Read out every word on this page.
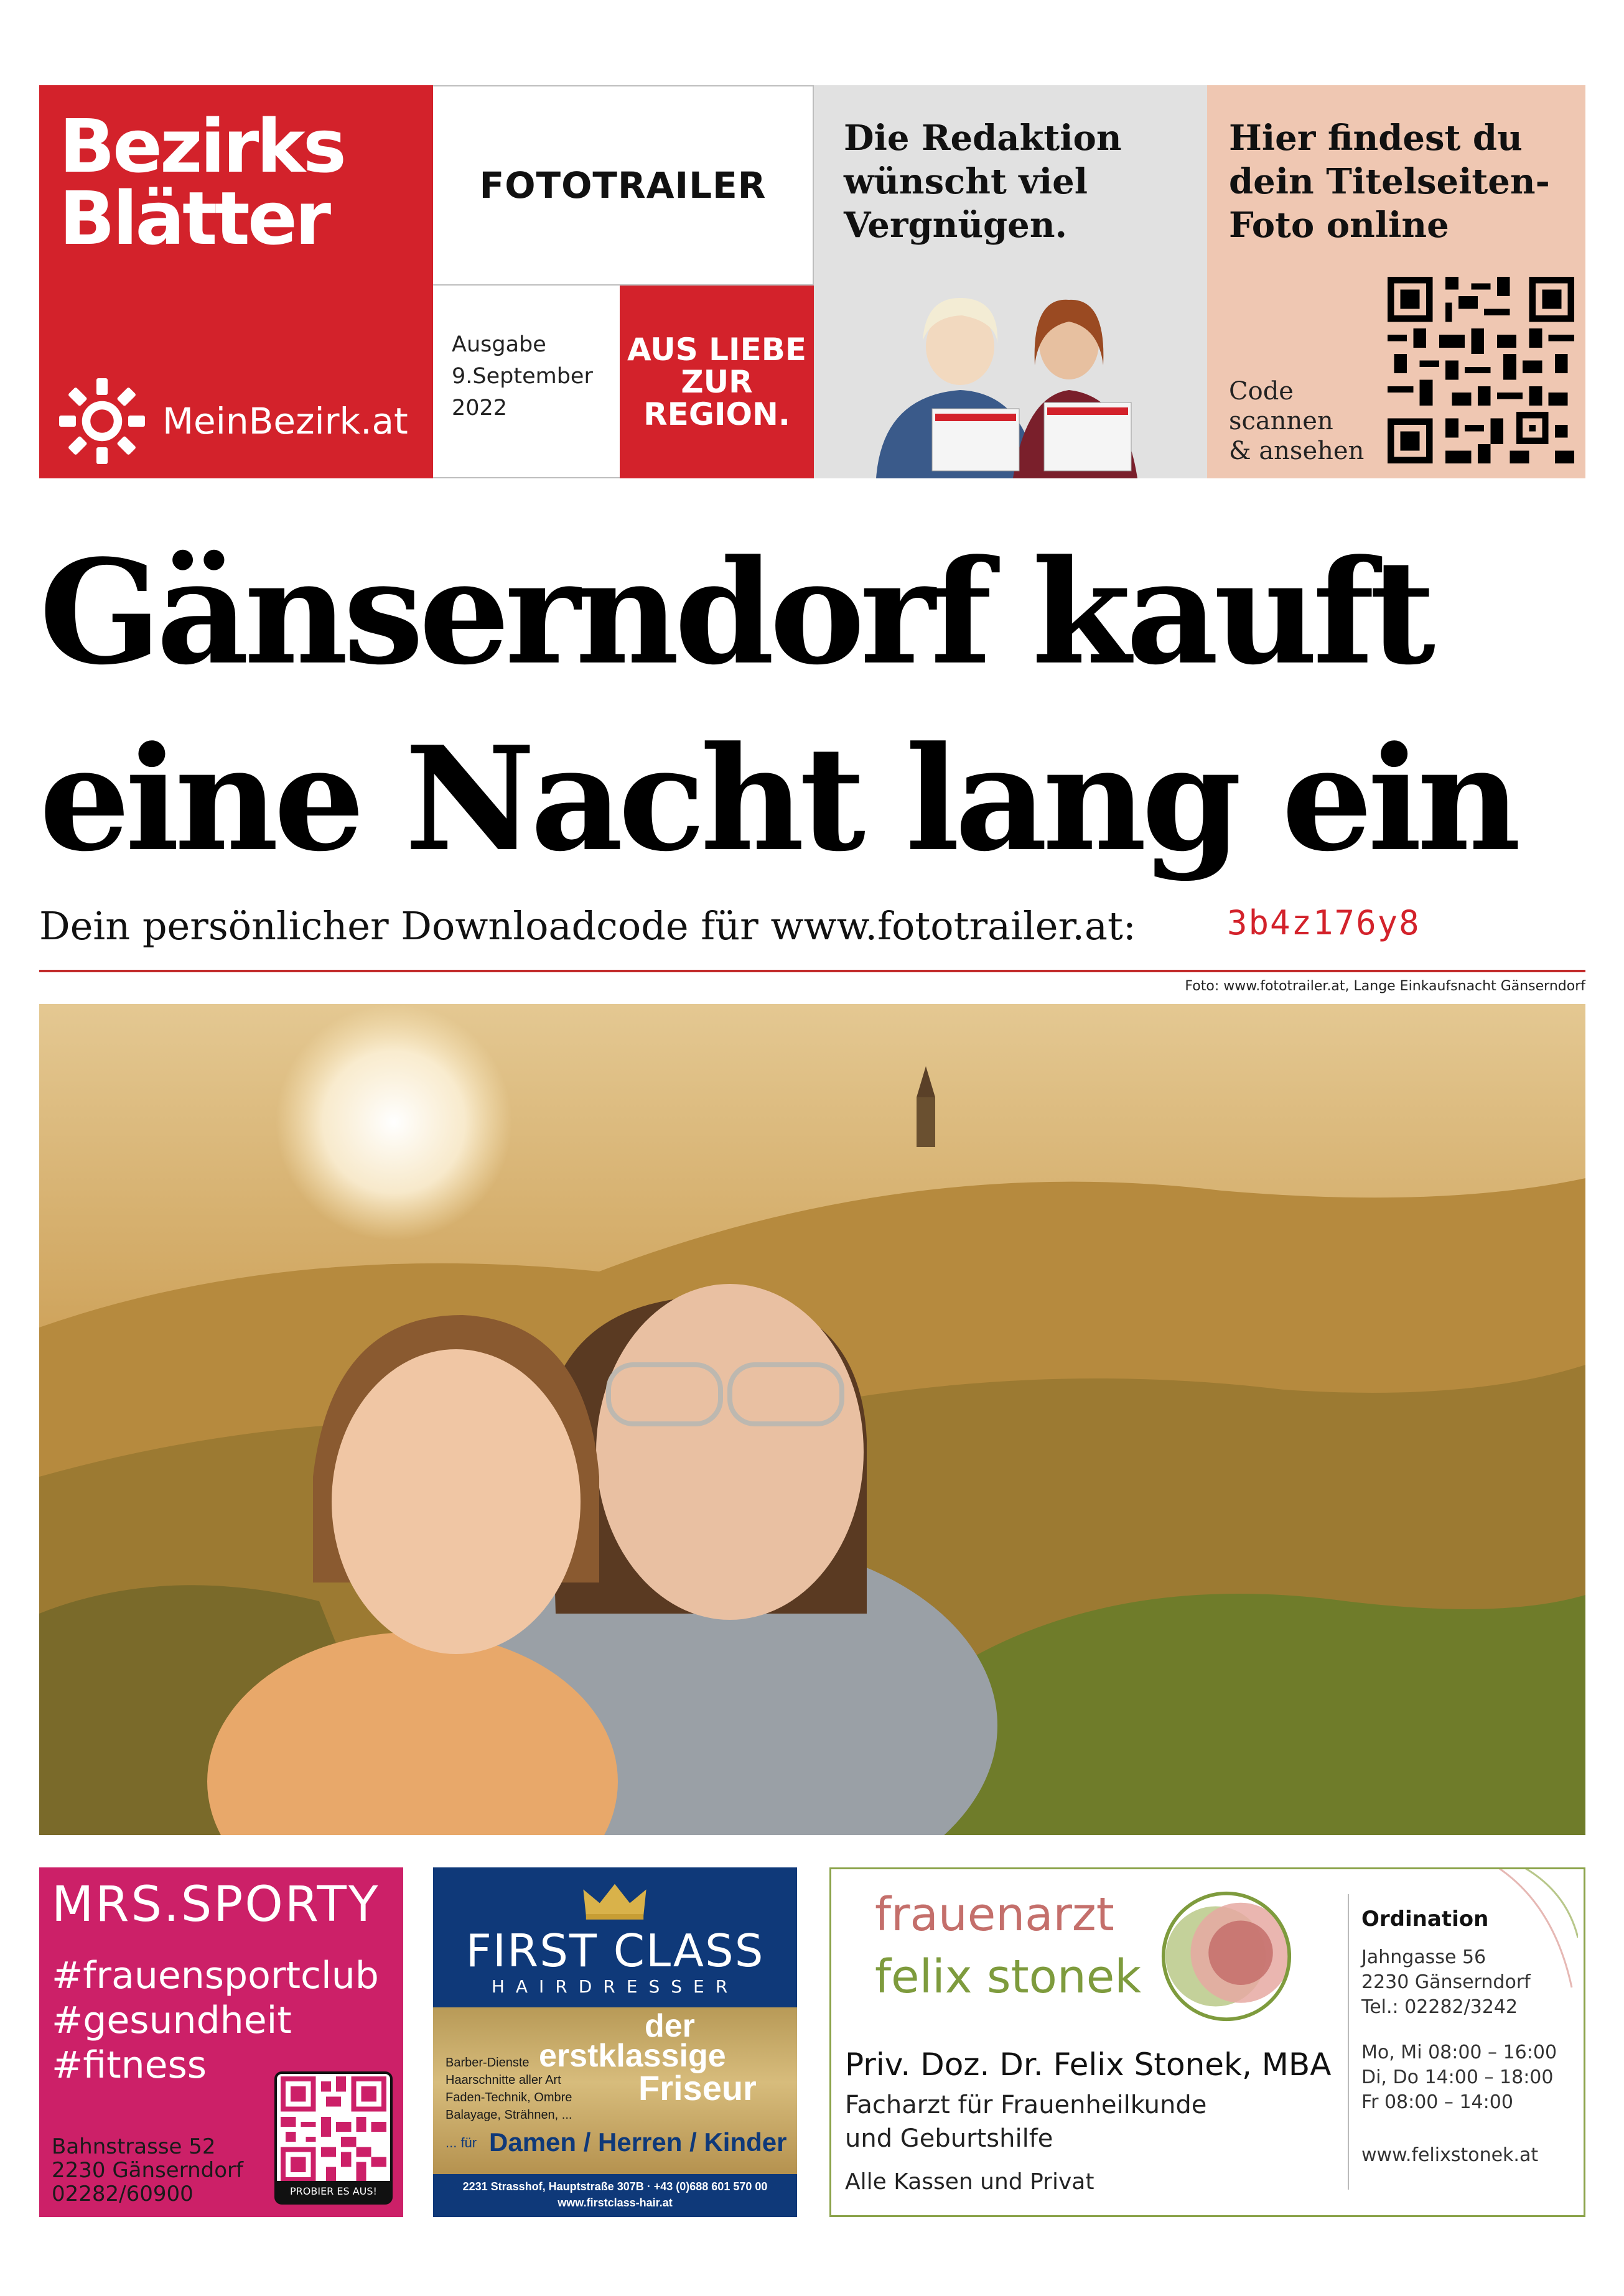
Bezirks
Blätter
MeinBezirk.at
FOTOTRAILER
Ausgabe
9.September
2022
AUS LIEBE
ZUR
REGION.
Die Redaktion
wünscht viel
Vergnügen.
Hier findest du
dein Titelseiten-
Foto online
Code
scannen
& ansehen
Gänserndorf kauft
eine Nacht lang ein
Dein persönlicher Downloadcode für www.fototrailer.at:	3b4z176y8
Foto: www.fototrailer.at, Lange Einkaufsnacht Gänserndorf
MRS.SPORTY
#frauensportclub
#gesundheit
#fitness
Bahnstrasse 52
2230 Gänserndorf
02282/60900	PROBIER ES AUS!
FIRST CLASS
HAIRDRESSER
der
erstklassige
Friseur
Barber-Dienste
Haarschnitte aller Art
Faden-Technik, Ombre
Balayage, Strähnen, ...
... für Damen / Herren / Kinder
2231 Strasshof, Hauptstraße 307B · +43 (0)688 601 570 00
www.firstclass-hair.at
frauenarzt
felix stonek
Priv. Doz. Dr. Felix Stonek, MBA
Facharzt für Frauenheilkunde
und Geburtshilfe
Alle Kassen und Privat
Ordination
Jahngasse 56
2230 Gänserndorf
Tel.: 02282/3242
Mo, Mi 08:00 – 16:00
Di, Do 14:00 – 18:00
Fr 08:00 – 14:00
www.felixstonek.at
